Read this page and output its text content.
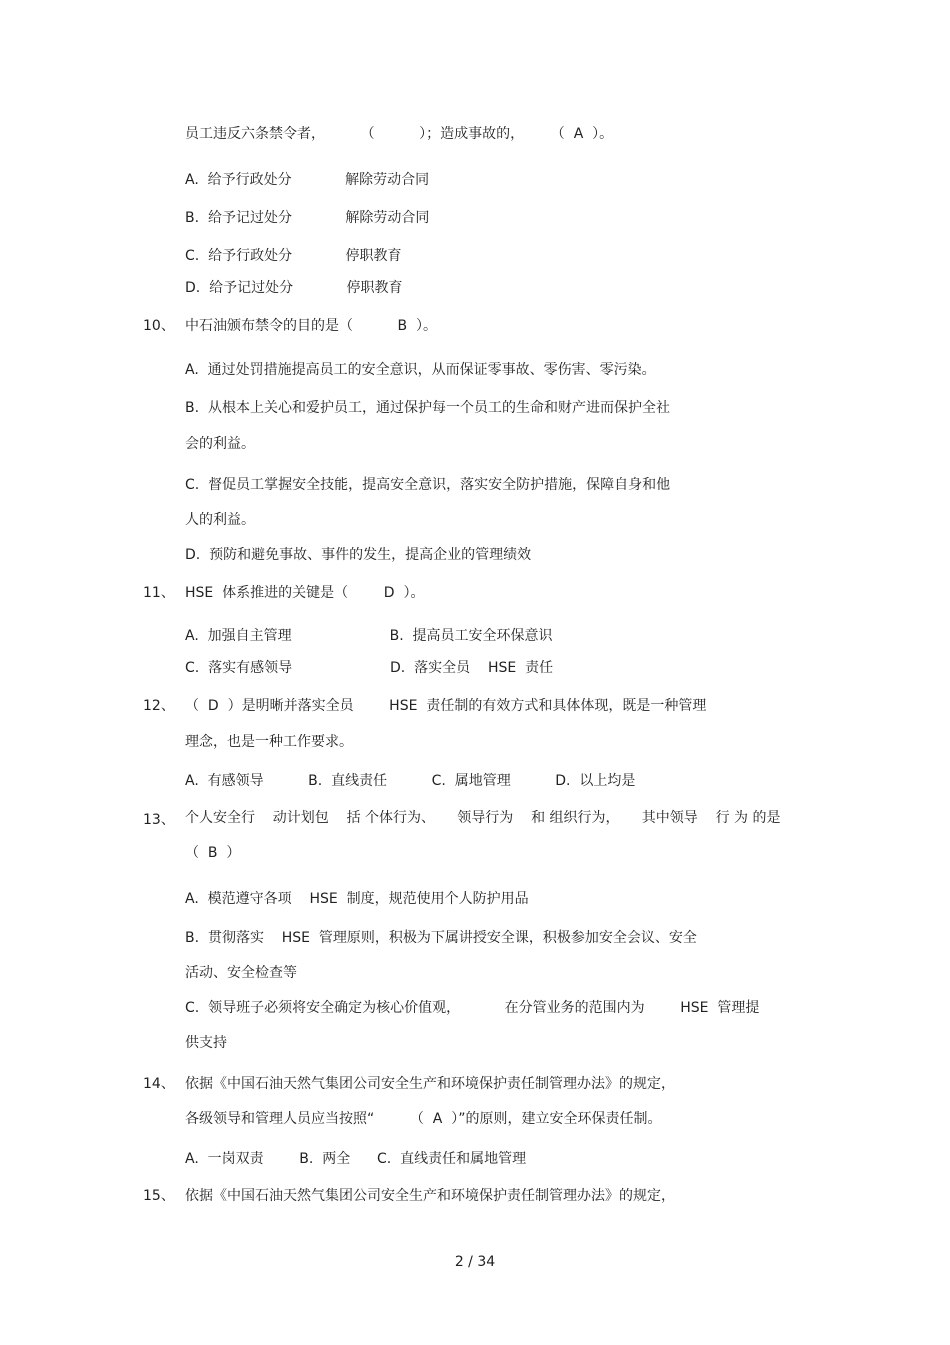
员工违反六条禁令者，        （          ）；造成事故的，      （  A  ）。
A.  给予行政处分            解除劳动合同
B.  给予记过处分            解除劳动合同
C.  给予行政处分            停职教育
D.  给予记过处分            停职教育
10、 中石油颁布禁令的目的是（          B  ）。
A.  通过处罚措施提高员工的安全意识，从而保证零事故、零伤害、零污染。
B.  从根本上关心和爱护员工，通过保护每一个员工的生命和财产进而保护全社
会的利益。
C.  督促员工掌握安全技能，提高安全意识，落实安全防护措施，保障自身和他
人的利益。
D.  预防和避免事故、事件的发生，提高企业的管理绩效
11、 HSE  体系推进的关键是（        D  ）。
A.  加强自主管理                      B.  提高员工安全环保意识
C.  落实有感领导                      D.  落实全员    HSE  责任
12、 （  D  ）是明晰并落实全员        HSE  责任制的有效方式和具体体现，既是一种管理
理念，也是一种工作要求。
A.  有感领导          B.  直线责任          C.  属地管理          D.  以上均是
13、 个人安全行    动计划包    括 个体行为、     领导行为    和 组织行为，     其中领导    行 为 的是
（  B  ）
A.  模范遵守各项    HSE  制度，规范使用个人防护用品
B.  贯彻落实    HSE  管理原则，积极为下属讲授安全课，积极参加安全会议、安全
活动、安全检查等
C.  领导班子必须将安全确定为核心价值观，          在分管业务的范围内为        HSE  管理提
供支持
14、 依据《中国石油天然气集团公司安全生产和环境保护责任制管理办法》的规定，
各级领导和管理人员应当按照“        （  A  ）”的原则，建立安全环保责任制。
A.  一岗双责        B.  两全      C.  直线责任和属地管理
15、 依据《中国石油天然气集团公司安全生产和环境保护责任制管理办法》的规定，
2 / 34
